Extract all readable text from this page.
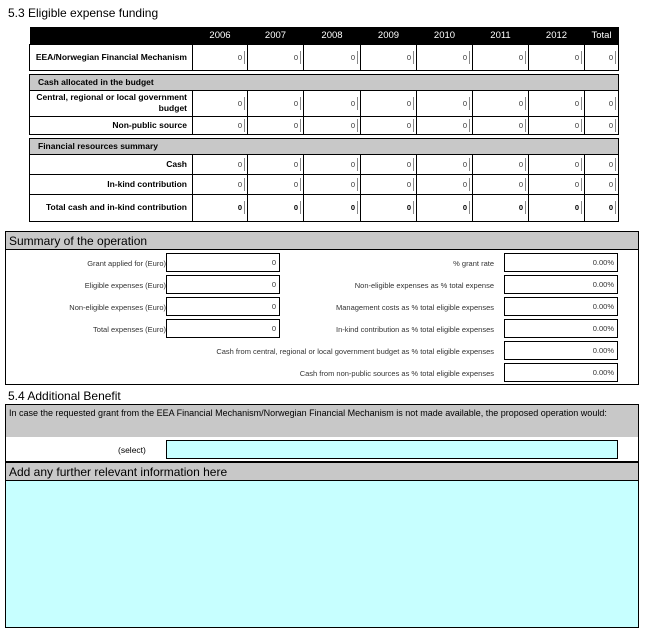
5.3 Eligible expense funding
	2006	2007	2008	2009	2010	2011	2012	Total
EEA/Norwegian Financial Mechanism	0	0	0	0	0	0	0	0

Cash allocated in the budget								
Central, regional or local government budget	0	0	0	0	0	0	0	0

Non-public source	0	0	0	0	0	0	0	0

Financial resources summary								
Cash	0	0	0	0	0	0	0	0

In-kind contribution	0	0	0	0	0	0	0	0

Total cash and in-kind contribution	0	0	0	0	0	0	0	0
Summary of the operation
Grant applied for (Euro)	0
Eligible expenses (Euro)	0
Non-eligible expenses (Euro)	0
Total expenses (Euro)	0
% grant rate	0.00%
Non-eligible expenses as % total expense	0.00%
Management costs as % total eligible expenses	0.00%
In-kind contribution as % total eligible expenses	0.00%
Cash from central, regional or local government budget as % total eligible expenses	0.00%
Cash from non-public sources as % total eligible expenses	0.00%
5.4 Additional Benefit
In case the requested grant from the EEA Financial Mechanism/Norwegian Financial Mechanism is not made available, the proposed operation would:
(select)
Add any further relevant information here
